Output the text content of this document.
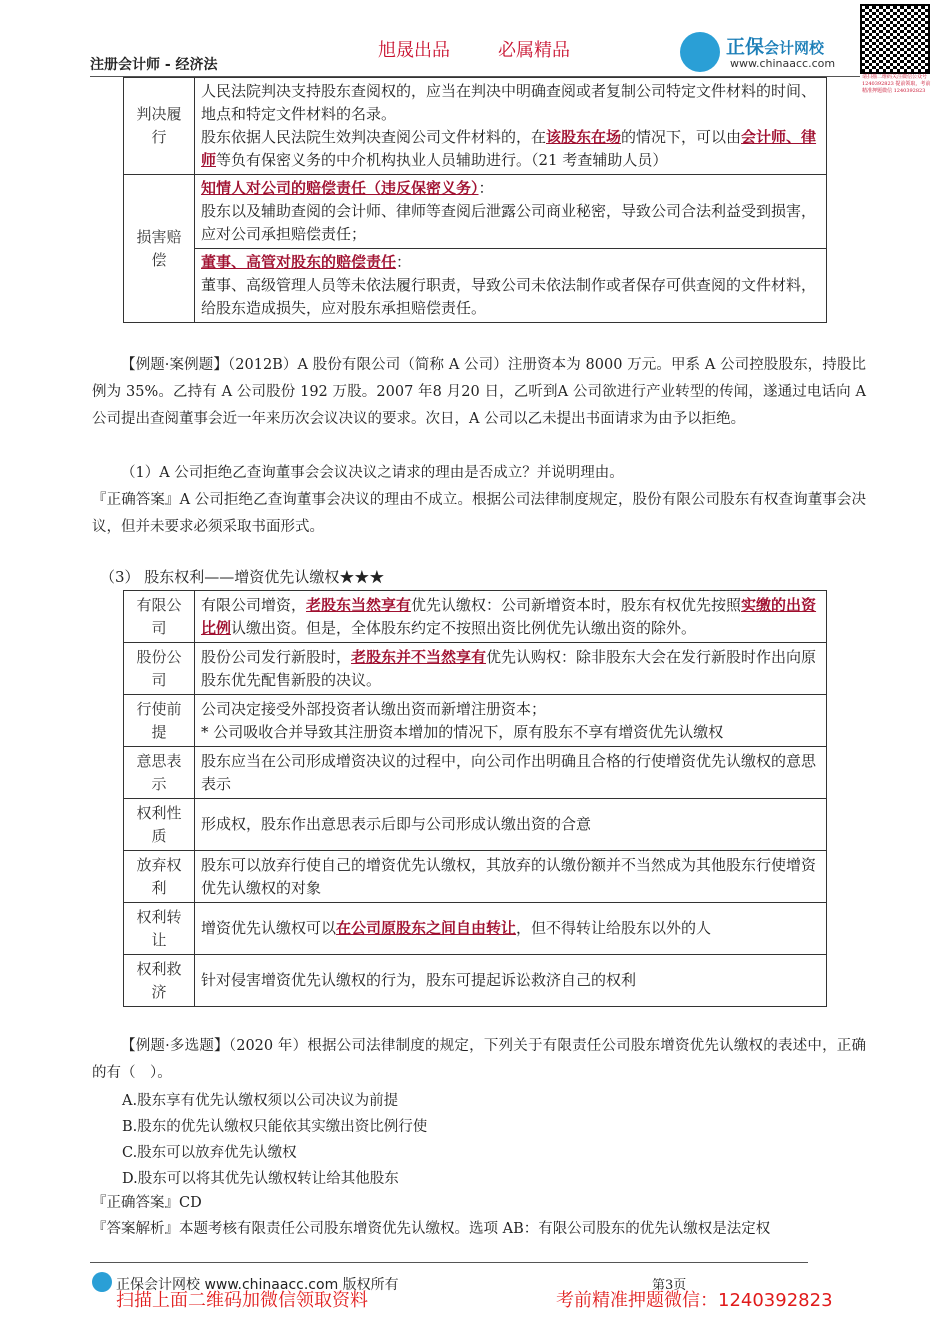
注册会计师 - 经济法
旭晟出品	必属精品	正保会计网校
www.chinaacc.com
请扫描二维码关注微信公众号 1240392823 提前领取，考前精准押题微信 1240392823
判决履行	人民法院判决支持股东查阅权的，应当在判决中明确查阅或者复制公司特定文件材料的时间、地点和特定文件材料的名录。
股东依据人民法院生效判决查阅公司文件材料的，在该股东在场的情况下，可以由会计师、律师等负有保密义务的中介机构执业人员辅助进行。（21 考查辅助人员）

损害赔偿	知情人对公司的赔偿责任（违反保密义务）：
股东以及辅助查阅的会计师、律师等查阅后泄露公司商业秘密，导致公司合法利益受到损害，应对公司承担赔偿责任；

	董事、高管对股东的赔偿责任：
董事、高级管理人员等未依法履行职责，导致公司未依法制作或者保存可供查阅的文件材料，给股东造成损失，应对股东承担赔偿责任。
【例题·案例题】（2012B）A 股份有限公司（简称 A 公司）注册资本为 8000 万元。甲系 A 公司控股股东，持股比例为 35%。乙持有 A 公司股份 192 万股。2007 年8 月20 日，乙听到A 公司欲进行产业转型的传闻，遂通过电话向 A 公司提出查阅董事会近一年来历次会议决议的要求。次日，A 公司以乙未提出书面请求为由予以拒绝。
（1）A 公司拒绝乙查询董事会会议决议之请求的理由是否成立？并说明理由。
『正确答案』A 公司拒绝乙查询董事会决议的理由不成立。根据公司法律制度规定，股份有限公司股东有权查询董事会决议，但并未要求必须采取书面形式。
（3） 股东权利——增资优先认缴权★★★
有限公司	有限公司增资，老股东当然享有优先认缴权：公司新增资本时，股东有权优先按照实缴的出资比例认缴出资。但是，全体股东约定不按照出资比例优先认缴出资的除外。
股份公司	股份公司发行新股时，老股东并不当然享有优先认购权：除非股东大会在发行新股时作出向原股东优先配售新股的决议。
行使前提	公司决定接受外部投资者认缴出资而新增注册资本；
* 公司吸收合并导致其注册资本增加的情况下，原有股东不享有增资优先认缴权

意思表示	股东应当在公司形成增资决议的过程中，向公司作出明确且合格的行使增资优先认缴权的意思表示
权利性质	形成权，股东作出意思表示后即与公司形成认缴出资的合意
放弃权利	股东可以放弃行使自己的增资优先认缴权，其放弃的认缴份额并不当然成为其他股东行使增资优先认缴权的对象
权利转让	增资优先认缴权可以在公司原股东之间自由转让，但不得转让给股东以外的人
权利救济	针对侵害增资优先认缴权的行为，股东可提起诉讼救济自己的权利
【例题·多选题】（2020 年）根据公司法律制度的规定，下列关于有限责任公司股东增资优先认缴权的表述中，正确的有（　）。
A.股东享有优先认缴权须以公司决议为前提
B.股东的优先认缴权只能依其实缴出资比例行使
C.股东可以放弃优先认缴权
D.股东可以将其优先认缴权转让给其他股东
『正确答案』CD
『答案解析』本题考核有限责任公司股东增资优先认缴权。选项 AB：有限公司股东的优先认缴权是法定权
正保会计网校 www.chinaacc.com 版权所有	第3页
扫描上面二维码加微信领取资料	考前精准押题微信：1240392823
